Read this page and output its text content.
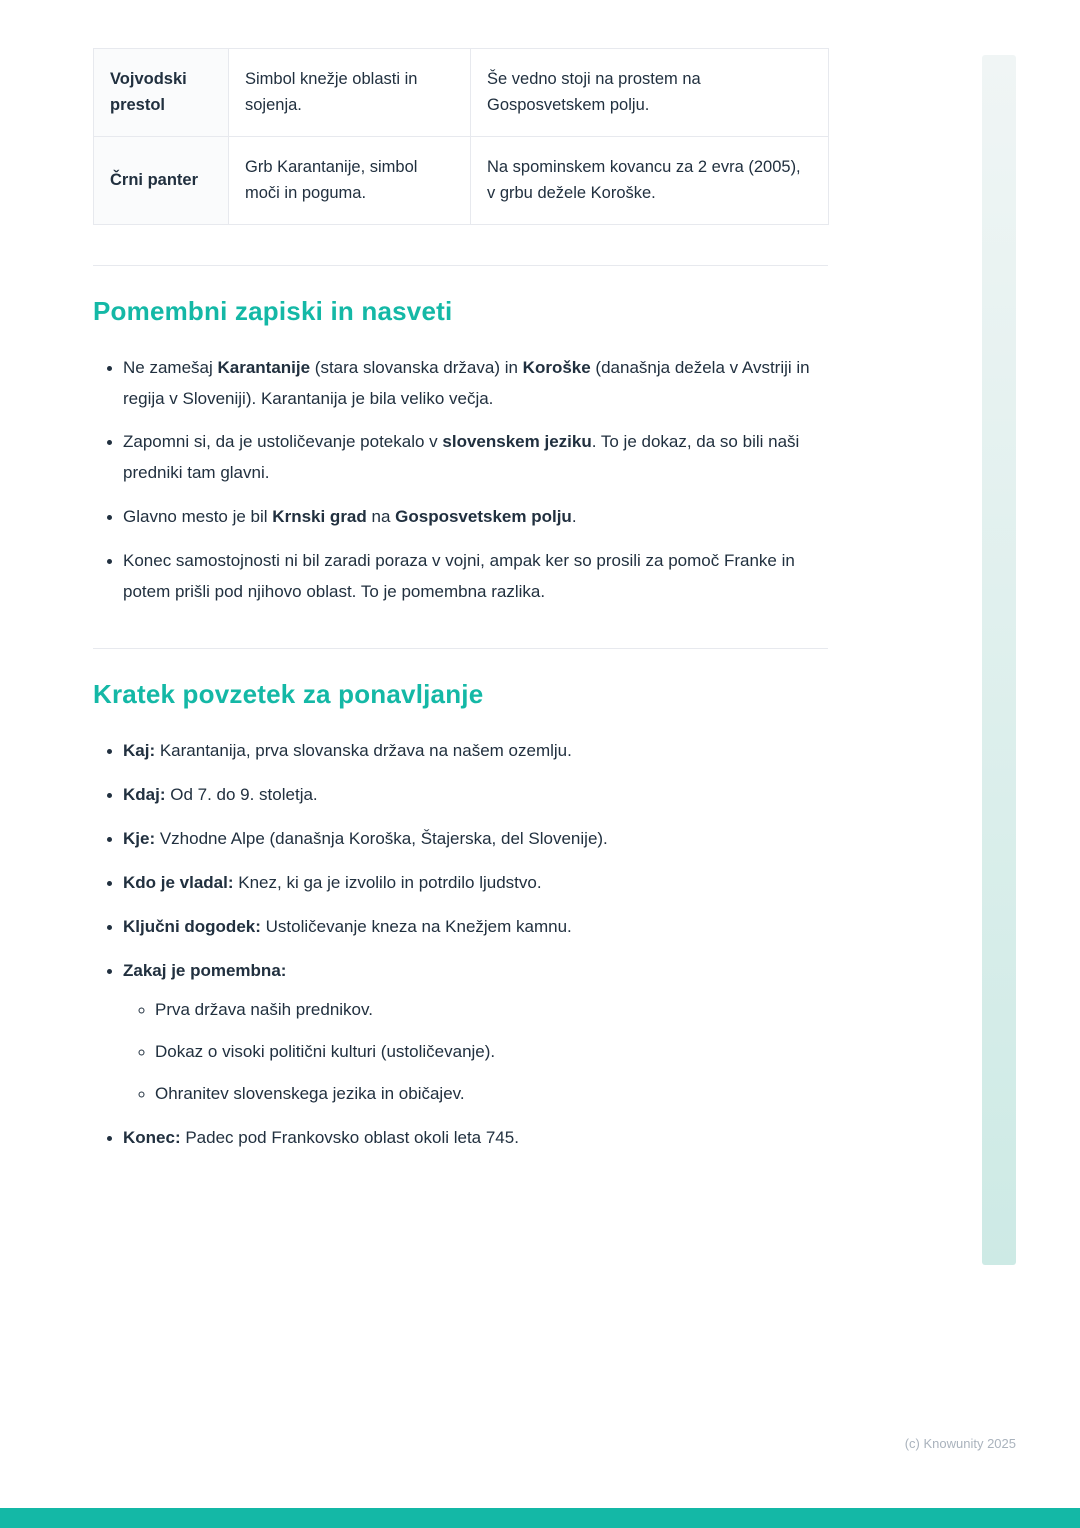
Vojvodski prestol	Simbol knežje oblasti in sojenja.	Še vedno stoji na prostem na Gosposvetskem polju.
Črni panter	Grb Karantanije, simbol moči in poguma.	Na spominskem kovancu za 2 evra (2005), v grbu dežele Koroške.
Pomembni zapiski in nasveti
• Ne zamešaj Karantanije (stara slovanska država) in Koroške (današnja dežela v Avstriji in regija v Sloveniji). Karantanija je bila veliko večja.
• Zapomni si, da je ustoličevanje potekalo v slovenskem jeziku. To je dokaz, da so bili naši predniki tam glavni.
• Glavno mesto je bil Krnski grad na Gosposvetskem polju.
• Konec samostojnosti ni bil zaradi poraza v vojni, ampak ker so prosili za pomoč Franke in potem prišli pod njihovo oblast. To je pomembna razlika.
Kratek povzetek za ponavljanje
• Kaj: Karantanija, prva slovanska država na našem ozemlju.
• Kdaj: Od 7. do 9. stoletja.
• Kje: Vzhodne Alpe (današnja Koroška, Štajerska, del Slovenije).
• Kdo je vladal: Knez, ki ga je izvolilo in potrdilo ljudstvo.
• Ključni dogodek: Ustoličevanje kneza na Knežjem kamnu.
• Zakaj je pomembna:
◦ Prva država naših prednikov.
◦ Dokaz o visoki politični kulturi (ustoličevanje).
◦ Ohranitev slovenskega jezika in običajev.
• Konec: Padec pod Frankovsko oblast okoli leta 745.
(c) Knowunity 2025
